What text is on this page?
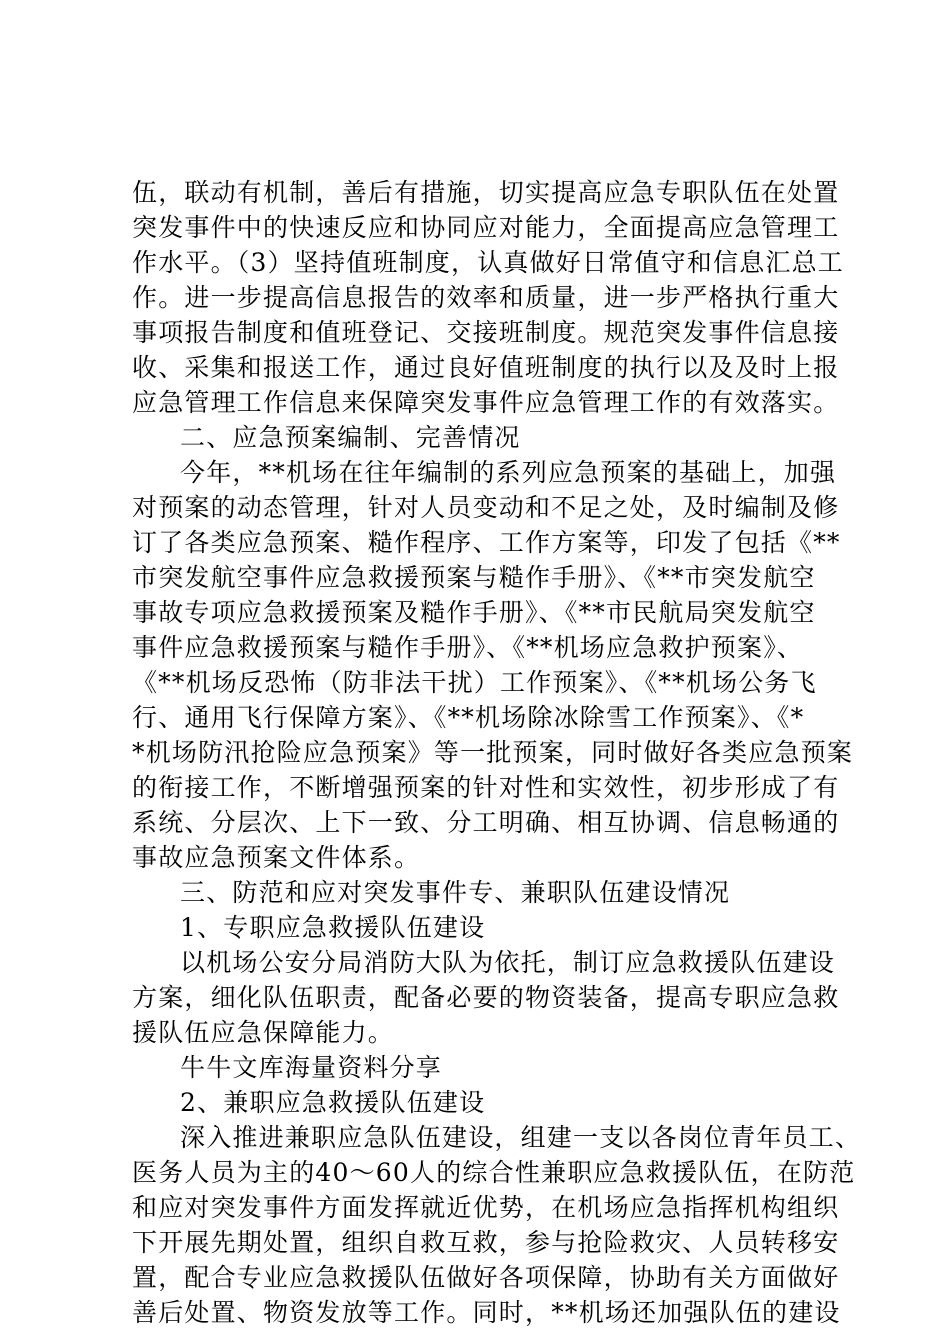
伍，联动有机制，善后有措施，切实提高应急专职队伍在处置
突发事件中的快速反应和协同应对能力，全面提高应急管理工
作水平。（3）坚持值班制度，认真做好日常值守和信息汇总工
作。进一步提高信息报告的效率和质量，进一步严格执行重大
事项报告制度和值班登记、交接班制度。规范突发事件信息接
收、采集和报送工作，通过良好值班制度的执行以及及时上报
应急管理工作信息来保障突发事件应急管理工作的有效落实。
二、应急预案编制、完善情况
今年，**机场在往年编制的系列应急预案的基础上，加强
对预案的动态管理，针对人员变动和不足之处，及时编制及修
订了各类应急预案、糙作程序、工作方案等，印发了包括《**
市突发航空事件应急救援预案与糙作手册》、《**市突发航空
事故专项应急救援预案及糙作手册》、《**市民航局突发航空
事件应急救援预案与糙作手册》、《**机场应急救护预案》、
《**机场反恐怖（防非法干扰）工作预案》、《**机场公务飞
行、通用飞行保障方案》、《**机场除冰除雪工作预案》、《*
*机场防汛抢险应急预案》等一批预案，同时做好各类应急预案
的衔接工作，不断增强预案的针对性和实效性，初步形成了有
系统、分层次、上下一致、分工明确、相互协调、信息畅通的
事故应急预案文件体系。
三、防范和应对突发事件专、兼职队伍建设情况
1、专职应急救援队伍建设
以机场公安分局消防大队为依托，制订应急救援队伍建设
方案，细化队伍职责，配备必要的物资装备，提高专职应急救
援队伍应急保障能力。
牛牛文库海量资料分享
2、兼职应急救援队伍建设
深入推进兼职应急队伍建设，组建一支以各岗位青年员工、
医务人员为主的40～60人的综合性兼职应急救援队伍，在防范
和应对突发事件方面发挥就近优势，在机场应急指挥机构组织
下开展先期处置，组织自救互救，参与抢险救灾、人员转移安
置，配合专业应急救援队伍做好各项保障，协助有关方面做好
善后处置、物资发放等工作。同时，**机场还加强队伍的建设
